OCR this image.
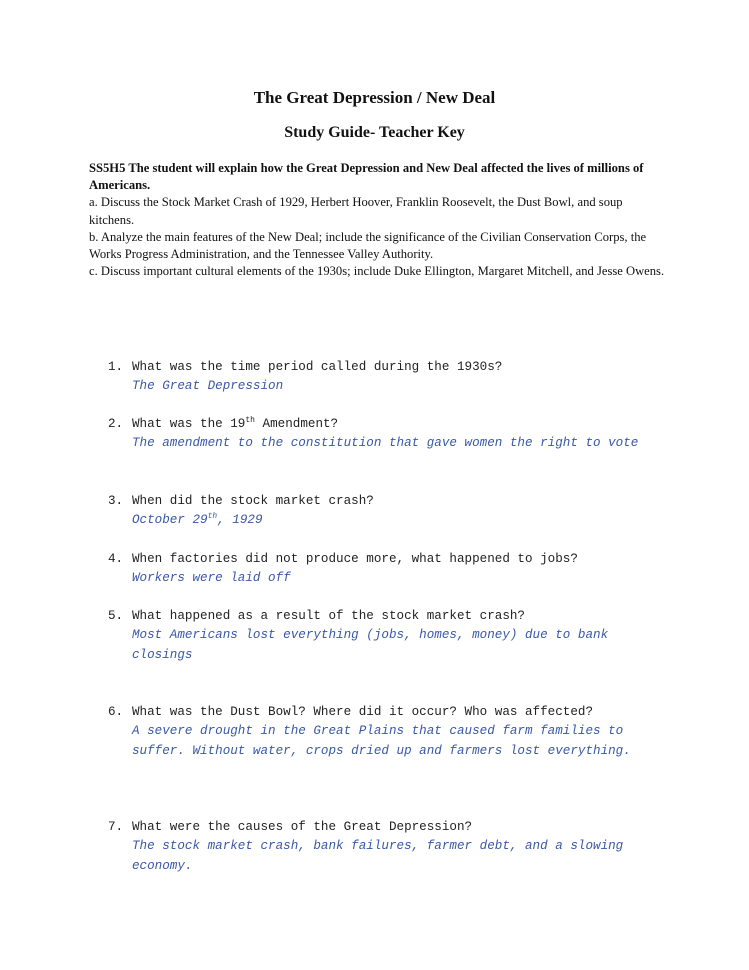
The Great Depression / New Deal
Study Guide- Teacher Key
SS5H5 The student will explain how the Great Depression and New Deal affected the lives of millions of Americans.
a. Discuss the Stock Market Crash of 1929, Herbert Hoover, Franklin Roosevelt, the Dust Bowl, and soup kitchens.
b. Analyze the main features of the New Deal; include the significance of the Civilian Conservation Corps, the Works Progress Administration, and the Tennessee Valley Authority.
c. Discuss important cultural elements of the 1930s; include Duke Ellington, Margaret Mitchell, and Jesse Owens.
1. What was the time period called during the 1930s?
The Great Depression
2. What was the 19th Amendment?
The amendment to the constitution that gave women the right to vote
3. When did the stock market crash?
October 29th, 1929
4. When factories did not produce more, what happened to jobs?
Workers were laid off
5. What happened as a result of the stock market crash?
Most Americans lost everything (jobs, homes, money) due to bank closings
6. What was the Dust Bowl? Where did it occur? Who was affected?
A severe drought in the Great Plains that caused farm families to suffer. Without water, crops dried up and farmers lost everything.
7. What were the causes of the Great Depression?
The stock market crash, bank failures, farmer debt, and a slowing economy.
